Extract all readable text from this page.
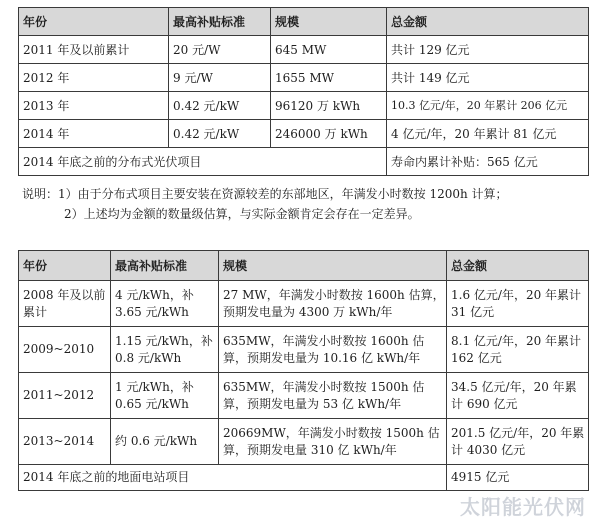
年份	最高补贴标准	规模	总金额
2011 年及以前累计	20 元/W	645 MW	共计 129 亿元
2012 年	9 元/W	1655 MW	共计 149 亿元
2013 年	0.42 元/kW	96120 万 kWh	10.3 亿元/年，20 年累计 206 亿元
2014 年	0.42 元/kW	246000 万 kWh	4 亿元/年，20 年累计 81 亿元
2014 年底之前的分布式光伏项目			寿命内累计补贴：565 亿元
说明：1）由于分布式项目主要安装在资源较差的东部地区，年满发小时数按 1200h 计算；
2）上述均为金额的数量级估算，与实际金额肯定会存在一定差异。
年份	最高补贴标准	规模	总金额
2008 年及以前累计	4 元/kWh，补 3.65 元/kWh	27 MW，年满发小时数按 1600h 估算，预期发电量为 4300 万 kWh/年	1.6 亿元/年，20 年累计 31 亿元
2009~2010	1.15 元/kWh，补 0.8 元/kWh	635MW，年满发小时数按 1600h 估算，预期发电量为 10.16 亿 kWh/年	8.1 亿元/年，20 年累计 162 亿元
2011~2012	1 元/kWh，补 0.65 元/kWh	635MW，年满发小时数按 1500h 估算，预期发电量为 53 亿 kWh/年	34.5 亿元/年，20 年累计 690 亿元
2013~2014	约 0.6 元/kWh	20669MW，年满发小时数按 1500h 估算，预期发电量 310 亿 kWh/年	201.5 亿元/年，20 年累计 4030 亿元
2014 年底之前的地面电站项目			4915 亿元
太阳能光伏网
